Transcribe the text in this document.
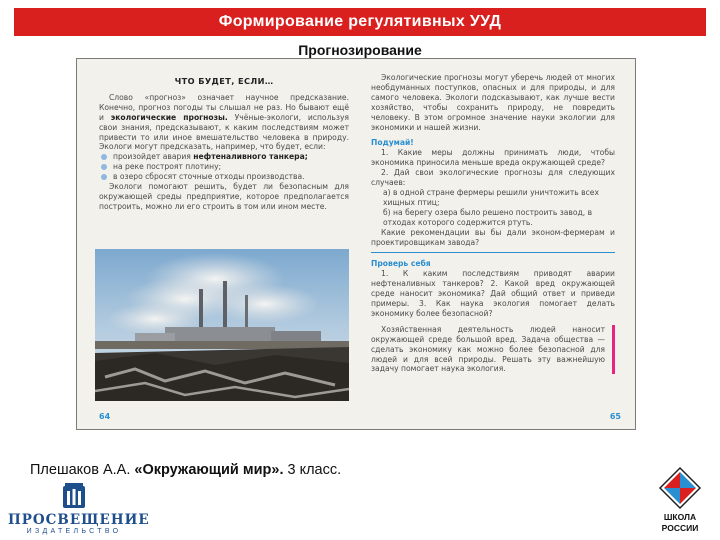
Формирование регулятивных УУД
Прогнозирование
ЧТО БУДЕТ, ЕСЛИ…
Слово «прогноз» означает научное предсказание. Конечно, прогноз погоды ты слышал не раз. Но бывают ещё и экологические прогнозы. Учёные-экологи, используя свои знания, предсказывают, к каким последствиям может привести то или иное вмешательство человека в природу. Экологи могут предсказать, например, что будет, если:
произойдет авария нефтеналивного танкера;
на реке построят плотину;
в озеро сбросят сточные отходы производства.
Экологи помогают решить, будет ли безопасным для окружающей среды предприятие, которое предполагается построить, можно ли его строить в том или ином месте.
Экологические прогнозы могут уберечь людей от многих необдуманных поступков, опасных и для природы, и для самого человека. Экологи подсказывают, как лучше вести хозяйство, чтобы сохранить природу, не повредить человеку. В этом огромное значение науки экологии для экономики и нашей жизни.
Подумай!
1. Какие меры должны принимать люди, чтобы экономика приносила меньше вреда окружающей среде?
2. Дай свои экологические прогнозы для следующих случаев:
а) в одной стране фермеры решили уничтожить всех хищных птиц;
б) на берегу озера было решено построить завод, в отходах которого содержится ртуть.
Какие рекомендации вы бы дали эконом-фермерам и проектировщикам завода?
Проверь себя
1. К каким последствиям приводят аварии нефтеналивных танкеров? 2. Какой вред окружающей среде наносит экономика? Дай общий ответ и приведи примеры. 3. Как наука экология помогает делать экономику более безопасной?
Хозяйственная деятельность людей наносит окружающей среде большой вред. Задача общества — сделать экономику как можно более безопасной для людей и для всей природы. Решать эту важнейшую задачу помогает наука экология.
64	65
Плешаков А.А. «Окружающий мир». 3 класс.
ПРОСВЕЩЕНИЕ
ИЗДАТЕЛЬСТВО
ШКОЛА
РОССИИ
